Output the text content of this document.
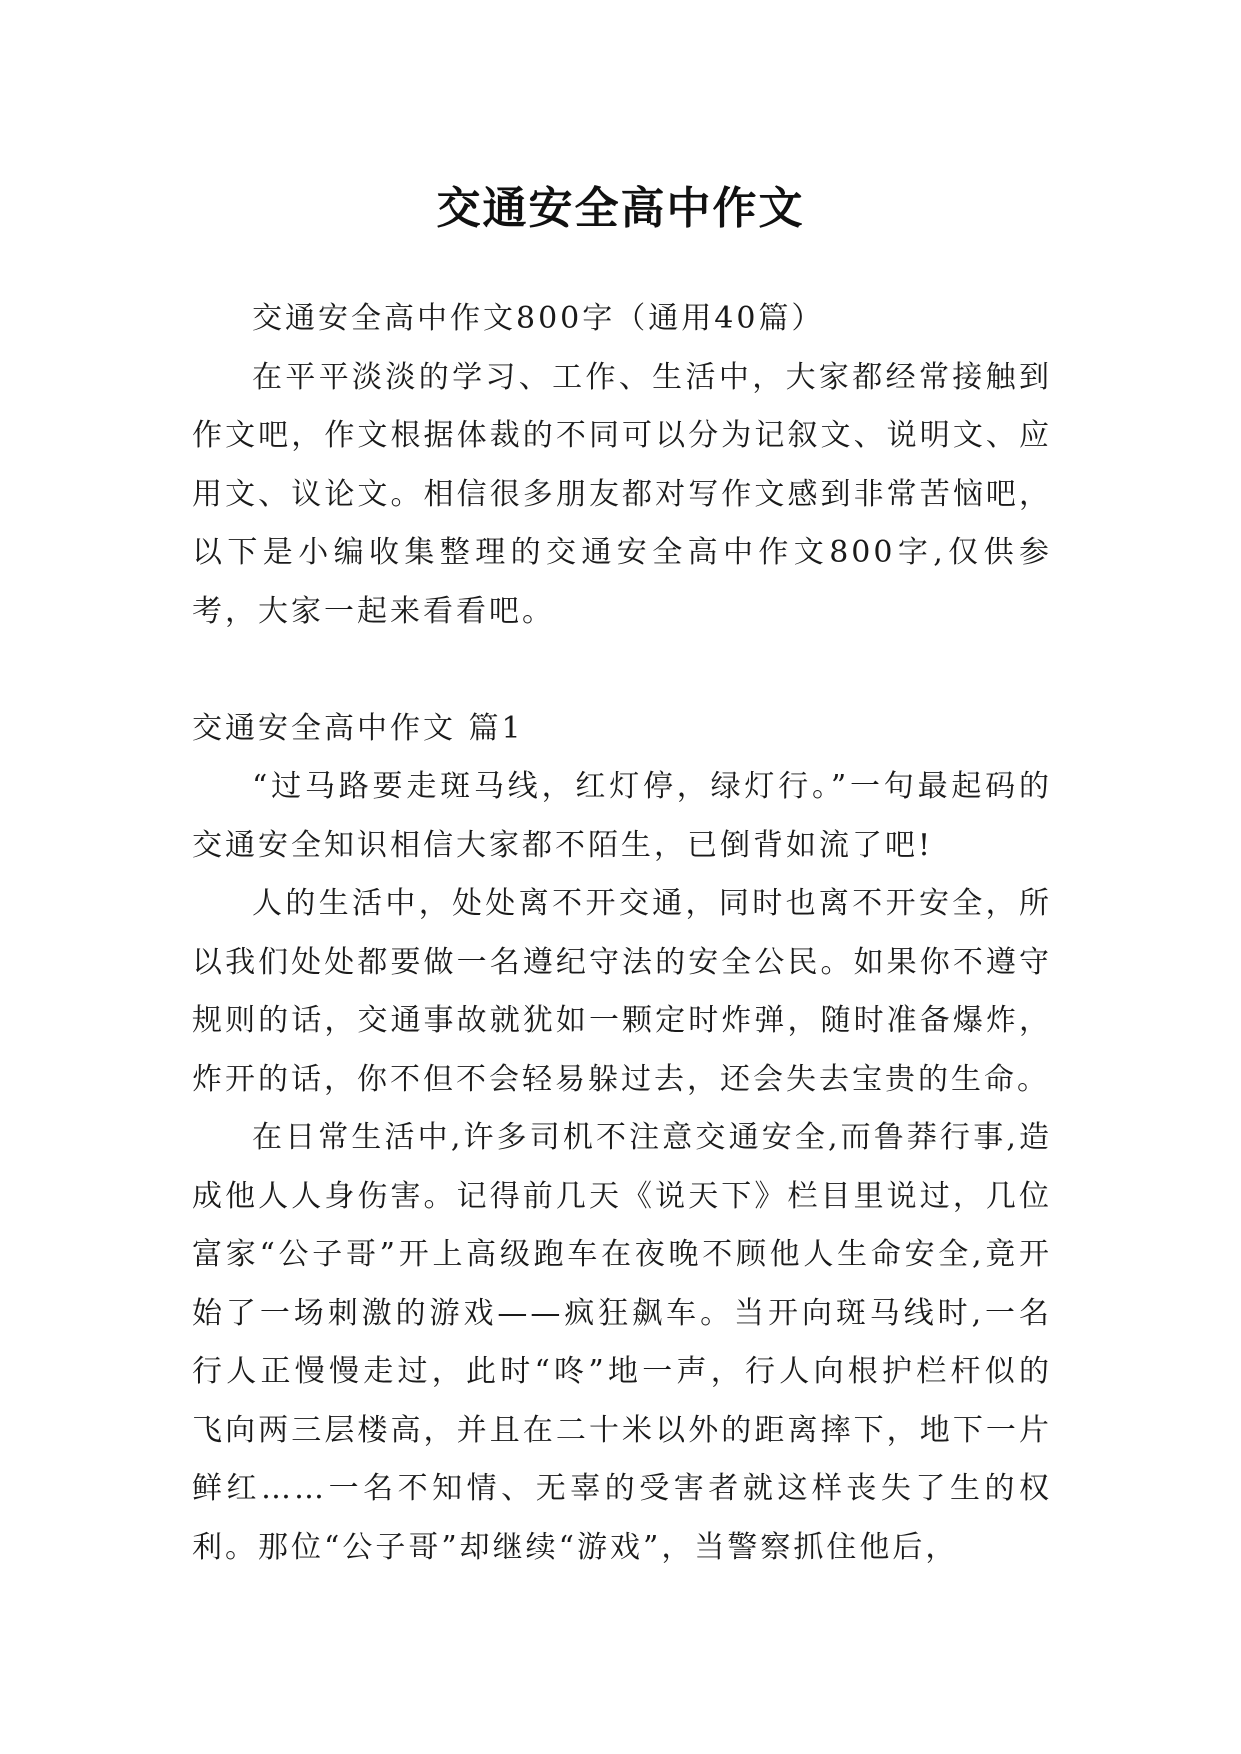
交通安全高中作文

交通安全高中作文800字（通用40篇）

在平平淡淡的学习、工作、生活中，大家都经常接触到作文吧，作文根据体裁的不同可以分为记叙文、说明文、应用文、议论文。相信很多朋友都对写作文感到非常苦恼吧，以下是小编收集整理的交通安全高中作文800字,仅供参考，大家一起来看看吧。

交通安全高中作文 篇1

“过马路要走斑马线，红灯停，绿灯行。”一句最起码的交通安全知识相信大家都不陌生，已倒背如流了吧!

人的生活中，处处离不开交通，同时也离不开安全，所以我们处处都要做一名遵纪守法的安全公民。如果你不遵守规则的话，交通事故就犹如一颗定时炸弹，随时准备爆炸，炸开的话，你不但不会轻易躲过去，还会失去宝贵的生命。

在日常生活中,许多司机不注意交通安全,而鲁莽行事,造成他人人身伤害。记得前几天《说天下》栏目里说过，几位富家“公子哥”开上高级跑车在夜晚不顾他人生命安全,竟开始了一场刺激的游戏——疯狂飙车。当开向斑马线时,一名行人正慢慢走过，此时“咚”地一声，行人向根护栏杆似的飞向两三层楼高，并且在二十米以外的距离摔下，地下一片鲜红……一名不知情、无辜的受害者就这样丧失了生的权利。那位“公子哥”却继续“游戏”，当警察抓住他后，
